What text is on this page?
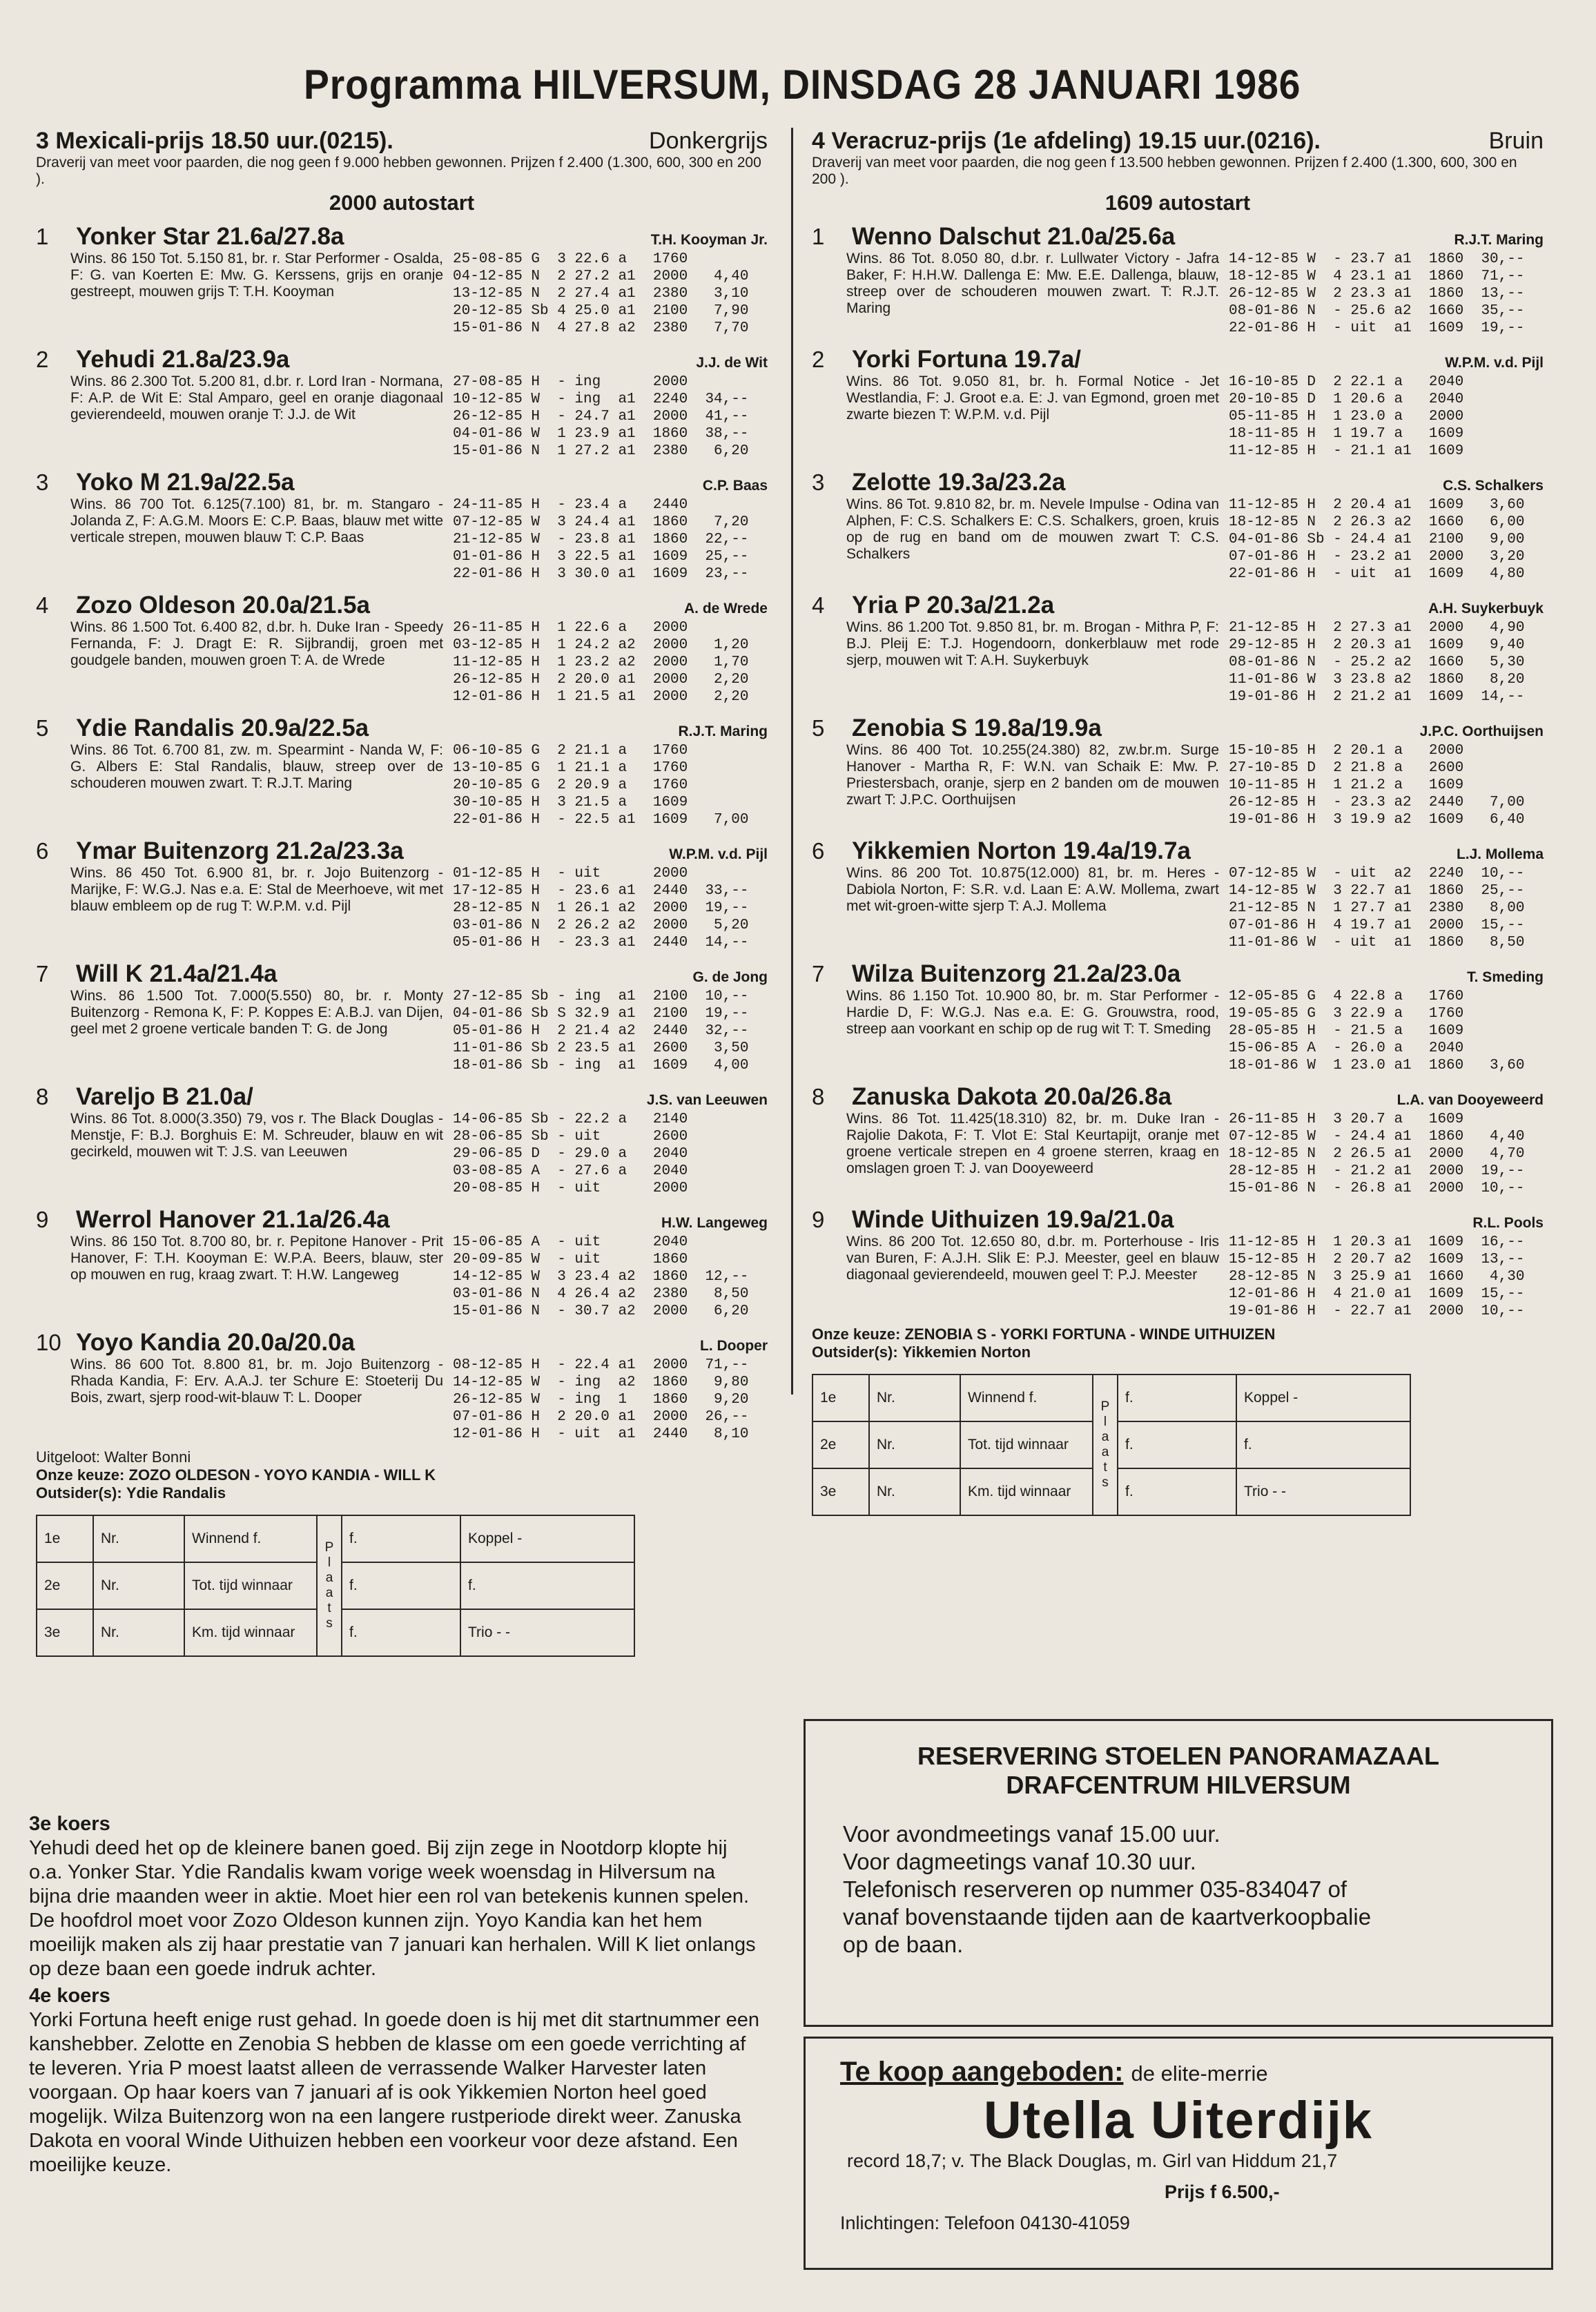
Programma HILVERSUM, DINSDAG 28 JANUARI 1986
3 Mexicali-prijs 18.50 uur.(0215).	Donkergrijs
Draverij van meet voor paarden, die nog geen f 9.000 hebben gewonnen. Prijzen f 2.400 (1.300, 600, 300 en 200 ).
2000 autostart
1	Yonker Star 21.6a/27.8a	T.H. Kooyman Jr.
Wins. 86 150 Tot. 5.150 81, br. r. Star Performer - Osalda, F: G. van Koerten E: Mw. G. Kerssens, grijs en oranje gestreept, mouwen grijs T: T.H. Kooyman
25-08-85 G  3 22.6 a   1760
04-12-85 N  2 27.2 a1  2000   4,40
13-12-85 N  2 27.4 a1  2380   3,10
20-12-85 Sb 4 25.0 a1  2100   7,90
15-01-86 N  4 27.8 a2  2380   7,70
2	Yehudi 21.8a/23.9a	J.J. de Wit
Wins. 86 2.300 Tot. 5.200 81, d.br. r. Lord Iran - Normana, F: A.P. de Wit E: Stal Amparo, geel en oranje diagonaal gevierendeeld, mouwen oranje T: J.J. de Wit
27-08-85 H  - ing      2000
10-12-85 W  - ing  a1  2240  34,--
26-12-85 H  - 24.7 a1  2000  41,--
04-01-86 W  1 23.9 a1  1860  38,--
15-01-86 N  1 27.2 a1  2380   6,20
3	Yoko M 21.9a/22.5a	C.P. Baas
Wins. 86 700 Tot. 6.125(7.100) 81, br. m. Stangaro - Jolanda Z, F: A.G.M. Moors E: C.P. Baas, blauw met witte verticale strepen, mouwen blauw T: C.P. Baas
24-11-85 H  - 23.4 a   2440
07-12-85 W  3 24.4 a1  1860   7,20
21-12-85 W  - 23.8 a1  1860  22,--
01-01-86 H  3 22.5 a1  1609  25,--
22-01-86 H  3 30.0 a1  1609  23,--
4	Zozo Oldeson 20.0a/21.5a	A. de Wrede
Wins. 86 1.500 Tot. 6.400 82, d.br. h. Duke Iran - Speedy Fernanda, F: J. Dragt E: R. Sijbrandij, groen met goudgele banden, mouwen groen T: A. de Wrede
26-11-85 H  1 22.6 a   2000
03-12-85 H  1 24.2 a2  2000   1,20
11-12-85 H  1 23.2 a2  2000   1,70
26-12-85 H  2 20.0 a1  2000   2,20
12-01-86 H  1 21.5 a1  2000   2,20
5	Ydie Randalis 20.9a/22.5a	R.J.T. Maring
Wins. 86 Tot. 6.700 81, zw. m. Spearmint - Nanda W, F: G. Albers E: Stal Randalis, blauw, streep over de schouderen mouwen zwart. T: R.J.T. Maring
06-10-85 G  2 21.1 a   1760
13-10-85 G  1 21.1 a   1760
20-10-85 G  2 20.9 a   1760
30-10-85 H  3 21.5 a   1609
22-01-86 H  - 22.5 a1  1609   7,00
6	Ymar Buitenzorg 21.2a/23.3a	W.P.M. v.d. Pijl
Wins. 86 450 Tot. 6.900 81, br. r. Jojo Buitenzorg - Marijke, F: W.G.J. Nas e.a. E: Stal de Meerhoeve, wit met blauw embleem op de rug T: W.P.M. v.d. Pijl
01-12-85 H  - uit      2000
17-12-85 H  - 23.6 a1  2440  33,--
28-12-85 N  1 26.1 a2  2000  19,--
03-01-86 N  2 26.2 a2  2000   5,20
05-01-86 H  - 23.3 a1  2440  14,--
7	Will K 21.4a/21.4a	G. de Jong
Wins. 86 1.500 Tot. 7.000(5.550) 80, br. r. Monty Buitenzorg - Remona K, F: P. Koppes E: A.B.J. van Dijen, geel met 2 groene verticale banden T: G. de Jong
27-12-85 Sb - ing  a1  2100  10,--
04-01-86 Sb S 32.9 a1  2100  19,--
05-01-86 H  2 21.4 a2  2440  32,--
11-01-86 Sb 2 23.5 a1  2600   3,50
18-01-86 Sb - ing  a1  1609   4,00
8	Vareljo B 21.0a/	J.S. van Leeuwen
Wins. 86 Tot. 8.000(3.350) 79, vos r. The Black Douglas - Menstje, F: B.J. Borghuis E: M. Schreuder, blauw en wit gecirkeld, mouwen wit T: J.S. van Leeuwen
14-06-85 Sb - 22.2 a   2140
28-06-85 Sb - uit      2600
29-06-85 D  - 29.0 a   2040
03-08-85 A  - 27.6 a   2040
20-08-85 H  - uit      2000
9	Werrol Hanover 21.1a/26.4a	H.W. Langeweg
Wins. 86 150 Tot. 8.700 80, br. r. Pepitone Hanover - Prit Hanover, F: T.H. Kooyman E: W.P.A. Beers, blauw, ster op mouwen en rug, kraag zwart. T: H.W. Langeweg
15-06-85 A  - uit      2040
20-09-85 W  - uit      1860
14-12-85 W  3 23.4 a2  1860  12,--
03-01-86 N  4 26.4 a2  2380   8,50
15-01-86 N  - 30.7 a2  2000   6,20
10 Yoyo Kandia 20.0a/20.0a	L. Dooper
Wins. 86 600 Tot. 8.800 81, br. m. Jojo Buitenzorg - Rhada Kandia, F: Erv. A.A.J. ter Schure E: Stoeterij Du Bois, zwart, sjerp rood-wit-blauw T: L. Dooper
08-12-85 H  - 22.4 a1  2000  71,--
14-12-85 W  - ing  a2  1860   9,80
26-12-85 W  - ing  1   1860   9,20
07-01-86 H  2 20.0 a1  2000  26,--
12-01-86 H  - uit  a1  2440   8,10
Uitgeloot: Walter Bonni
Onze keuze: ZOZO OLDESON - YOYO KANDIA - WILL K
Outsider(s): Ydie Randalis
1e	Nr.	Winnend f.	P l a a t s	f.	Koppel -
2e	Nr.	Tot. tijd winnaar		f.	f.
3e	Nr.	Km. tijd winnaar		f.	Trio - -
4 Veracruz-prijs (1e afdeling) 19.15 uur.(0216).	Bruin
Draverij van meet voor paarden, die nog geen f 13.500 hebben gewonnen. Prijzen f 2.400 (1.300, 600, 300 en 200 ).
1609 autostart
1	Wenno Dalschut 21.0a/25.6a	R.J.T. Maring
Wins. 86 Tot. 8.050 80, d.br. r. Lullwater Victory - Jafra Baker, F: H.H.W. Dallenga E: Mw. E.E. Dallenga, blauw, streep over de schouderen mouwen zwart. T: R.J.T. Maring
14-12-85 W  - 23.7 a1  1860  30,--
18-12-85 W  4 23.1 a1  1860  71,--
26-12-85 W  2 23.3 a1  1860  13,--
08-01-86 N  - 25.6 a2  1660  35,--
22-01-86 H  - uit  a1  1609  19,--
2	Yorki Fortuna 19.7a/	W.P.M. v.d. Pijl
Wins. 86 Tot. 9.050 81, br. h. Formal Notice - Jet Westlandia, F: J. Groot e.a. E: J. van Egmond, groen met zwarte biezen T: W.P.M. v.d. Pijl
16-10-85 D  2 22.1 a   2040
20-10-85 D  1 20.6 a   2040
05-11-85 H  1 23.0 a   2000
18-11-85 H  1 19.7 a   1609
11-12-85 H  - 21.1 a1  1609
3	Zelotte 19.3a/23.2a	C.S. Schalkers
Wins. 86 Tot. 9.810 82, br. m. Nevele Impulse - Odina van Alphen, F: C.S. Schalkers E: C.S. Schalkers, groen, kruis op de rug en band om de mouwen zwart T: C.S. Schalkers
11-12-85 H  2 20.4 a1  1609   3,60
18-12-85 N  2 26.3 a2  1660   6,00
04-01-86 Sb - 24.4 a1  2100   9,00
07-01-86 H  - 23.2 a1  2000   3,20
22-01-86 H  - uit  a1  1609   4,80
4	Yria P 20.3a/21.2a	A.H. Suykerbuyk
Wins. 86 1.200 Tot. 9.850 81, br. m. Brogan - Mithra P, F: B.J. Pleij E: T.J. Hogendoorn, donkerblauw met rode sjerp, mouwen wit T: A.H. Suykerbuyk
21-12-85 H  2 27.3 a1  2000   4,90
29-12-85 H  2 20.3 a1  1609   9,40
08-01-86 N  - 25.2 a2  1660   5,30
11-01-86 W  3 23.8 a2  1860   8,20
19-01-86 H  2 21.2 a1  1609  14,--
5	Zenobia S 19.8a/19.9a	J.P.C. Oorthuijsen
Wins. 86 400 Tot. 10.255(24.380) 82, zw.br.m. Surge Hanover - Martha R, F: W.N. van Schaik E: Mw. P. Priestersbach, oranje, sjerp en 2 banden om de mouwen zwart T: J.P.C. Oorthuijsen
15-10-85 H  2 20.1 a   2000
27-10-85 D  2 21.8 a   2600
10-11-85 H  1 21.2 a   1609
26-12-85 H  - 23.3 a2  2440   7,00
19-01-86 H  3 19.9 a2  1609   6,40
6	Yikkemien Norton 19.4a/19.7a	L.J. Mollema
Wins. 86 200 Tot. 10.875(12.000) 81, br. m. Heres - Dabiola Norton, F: S.R. v.d. Laan E: A.W. Mollema, zwart met wit-groen-witte sjerp T: A.J. Mollema
07-12-85 W  - uit  a2  2240  10,--
14-12-85 W  3 22.7 a1  1860  25,--
21-12-85 N  1 27.7 a1  2380   8,00
07-01-86 H  4 19.7 a1  2000  15,--
11-01-86 W  - uit  a1  1860   8,50
7	Wilza Buitenzorg 21.2a/23.0a	T. Smeding
Wins. 86 1.150 Tot. 10.900 80, br. m. Star Performer - Hardie D, F: W.G.J. Nas e.a. E: G. Grouwstra, rood, streep aan voorkant en schip op de rug wit T: T. Smeding
12-05-85 G  4 22.8 a   1760
19-05-85 G  3 22.9 a   1760
28-05-85 H  - 21.5 a   1609
15-06-85 A  - 26.0 a   2040
18-01-86 W  1 23.0 a1  1860   3,60
8	Zanuska Dakota 20.0a/26.8a	L.A. van Dooyeweerd
Wins. 86 Tot. 11.425(18.310) 82, br. m. Duke Iran - Rajolie Dakota, F: T. Vlot E: Stal Keurtapijt, oranje met groene verticale strepen en 4 groene sterren, kraag en omslagen groen T: J. van Dooyeweerd
26-11-85 H  3 20.7 a   1609
07-12-85 W  - 24.4 a1  1860   4,40
18-12-85 N  2 26.5 a1  2000   4,70
28-12-85 H  - 21.2 a1  2000  19,--
15-01-86 N  - 26.8 a1  2000  10,--
9	Winde Uithuizen 19.9a/21.0a	R.L. Pools
Wins. 86 200 Tot. 12.650 80, d.br. m. Porterhouse - Iris van Buren, F: A.J.H. Slik E: P.J. Meester, geel en blauw diagonaal gevierendeeld, mouwen geel T: P.J. Meester
11-12-85 H  1 20.3 a1  1609  16,--
15-12-85 H  2 20.7 a2  1609  13,--
28-12-85 N  3 25.9 a1  1660   4,30
12-01-86 H  4 21.0 a1  1609  15,--
19-01-86 H  - 22.7 a1  2000  10,--
Onze keuze: ZENOBIA S - YORKI FORTUNA - WINDE UITHUIZEN
Outsider(s): Yikkemien Norton
1e	Nr.	Winnend f.	P l a a t s	f.	Koppel -
2e	Nr.	Tot. tijd winnaar		f.	f.
3e	Nr.	Km. tijd winnaar		f.	Trio - -
3e koers

Yehudi deed het op de kleinere banen goed. Bij zijn zege in Nootdorp klopte hij o.a. Yonker Star. Ydie Randalis kwam vorige week woensdag in Hilversum na bijna drie maanden weer in aktie. Moet hier een rol van betekenis kunnen spelen. De hoofdrol moet voor Zozo Oldeson kunnen zijn. Yoyo Kandia kan het hem moeilijk maken als zij haar prestatie van 7 januari kan herhalen. Will K liet onlangs op deze baan een goede indruk achter.

4e koers

Yorki Fortuna heeft enige rust gehad. In goede doen is hij met dit startnummer een kanshebber. Zelotte en Zenobia S hebben de klasse om een goede verrichting af te leveren. Yria P moest laatst alleen de verrassende Walker Harvester laten voorgaan. Op haar koers van 7 januari af is ook Yikkemien Norton heel goed mogelijk. Wilza Buitenzorg won na een langere rustperiode direkt weer. Zanuska Dakota en vooral Winde Uithuizen hebben een voorkeur voor deze afstand. Een moeilijke keuze.

RESERVERING STOELEN PANORAMAZAAL
DRAFCENTRUM HILVERSUM
Voor avondmeetings vanaf 15.00 uur.
Voor dagmeetings vanaf 10.30 uur.
Telefonisch reserveren op nummer 035-834047 of
vanaf bovenstaande tijden aan de kaartverkoopbalie
op de baan.
Te koop aangeboden: de elite-merrie
Utella Uiterdijk
record 18,7; v. The Black Douglas, m. Girl van Hiddum 21,7
Prijs f 6.500,-
Inlichtingen: Telefoon 04130-41059
